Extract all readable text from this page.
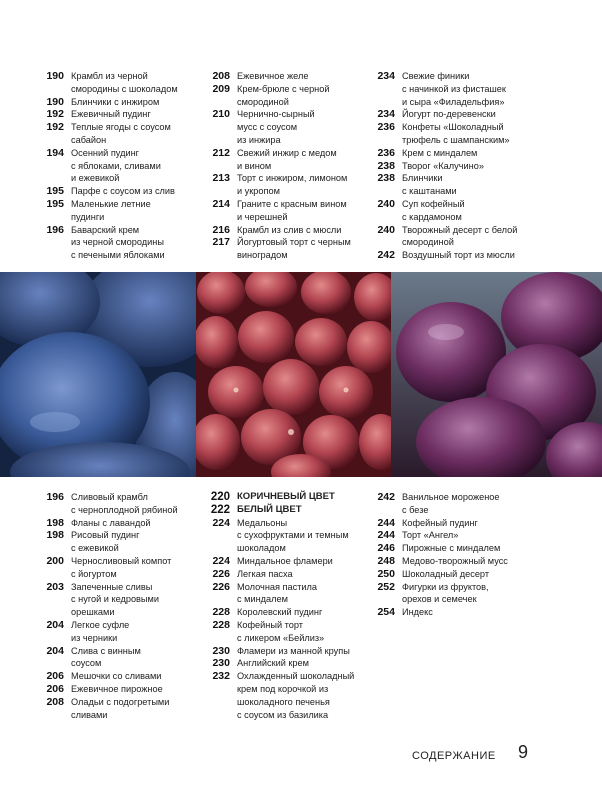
190 Крамбл из черной
смородины с шоколадом
190 Блинчики с инжиром
192 Ежевичный пудинг
192 Теплые ягоды с соусом
сабайон
194 Осенний пудинг
с яблоками, сливами
и ежевикой
195 Парфе с соусом из слив
195 Маленькие летние
пудинги
196 Баварский крем
из черной смородины
с печеными яблоками
208 Ежевичное желе
209 Крем-брюле с черной
смородиной
210 Чернично-сырный
мусс с соусом
из инжира
212 Свежий инжир с медом
и вином
213 Торт с инжиром, лимоном
и укропом
214 Граните с красным вином
и черешней
216 Крамбл из слив с мюсли
217 Йогуртовый торт с черным
виноградом
234 Свежие финики
с начинкой из фисташек
и сыра «Филадельфия»
234 Йогурт по-деревенски
236 Конфеты «Шоколадный
трюфель с шампанским»
236 Крем с миндалем
238 Творог «Калучино»
238 Блинчики
с каштанами
240 Суп кофейный
с кардамоном
240 Творожный десерт с белой
смородиной
242 Воздушный торт из мюсли
196 Сливовый крамбл
с черноплодной рябиной
198 Фланы с лавандой
198 Рисовый пудинг
с ежевикой
200 Черносливовый компот
с йогуртом
203 Запеченные сливы
с нугой и кедровыми
орешками
204 Легкое суфле
из черники
204 Слива с винным
соусом
206 Мешочки со сливами
206 Ежевичное пирожное
208 Оладьи с подогретыми
сливами
220 КОРИЧНЕВЫЙ ЦВЕТ
222 БЕЛЫЙ ЦВЕТ
224 Медальоны
с сухофруктами и темным
шоколадом
224 Миндальное фламери
226 Легкая пасха
226 Молочная пастила
с миндалем
228 Королевский пудинг
228 Кофейный торт
с ликером «Бейлиз»
230 Фламери из манной крупы
230 Английский крем
232 Охлажденный шоколадный
крем под корочкой из
шоколадного печенья
с соусом из базилика
242 Ванильное мороженое
с безе
244 Кофейный пудинг
244 Торт «Ангел»
246 Пирожные с миндалем
248 Медово-творожный мусс
250 Шоколадный десерт
252 Фигурки из фруктов,
орехов и семечек
254 Индекс
СОДЕРЖАНИЕ 9
